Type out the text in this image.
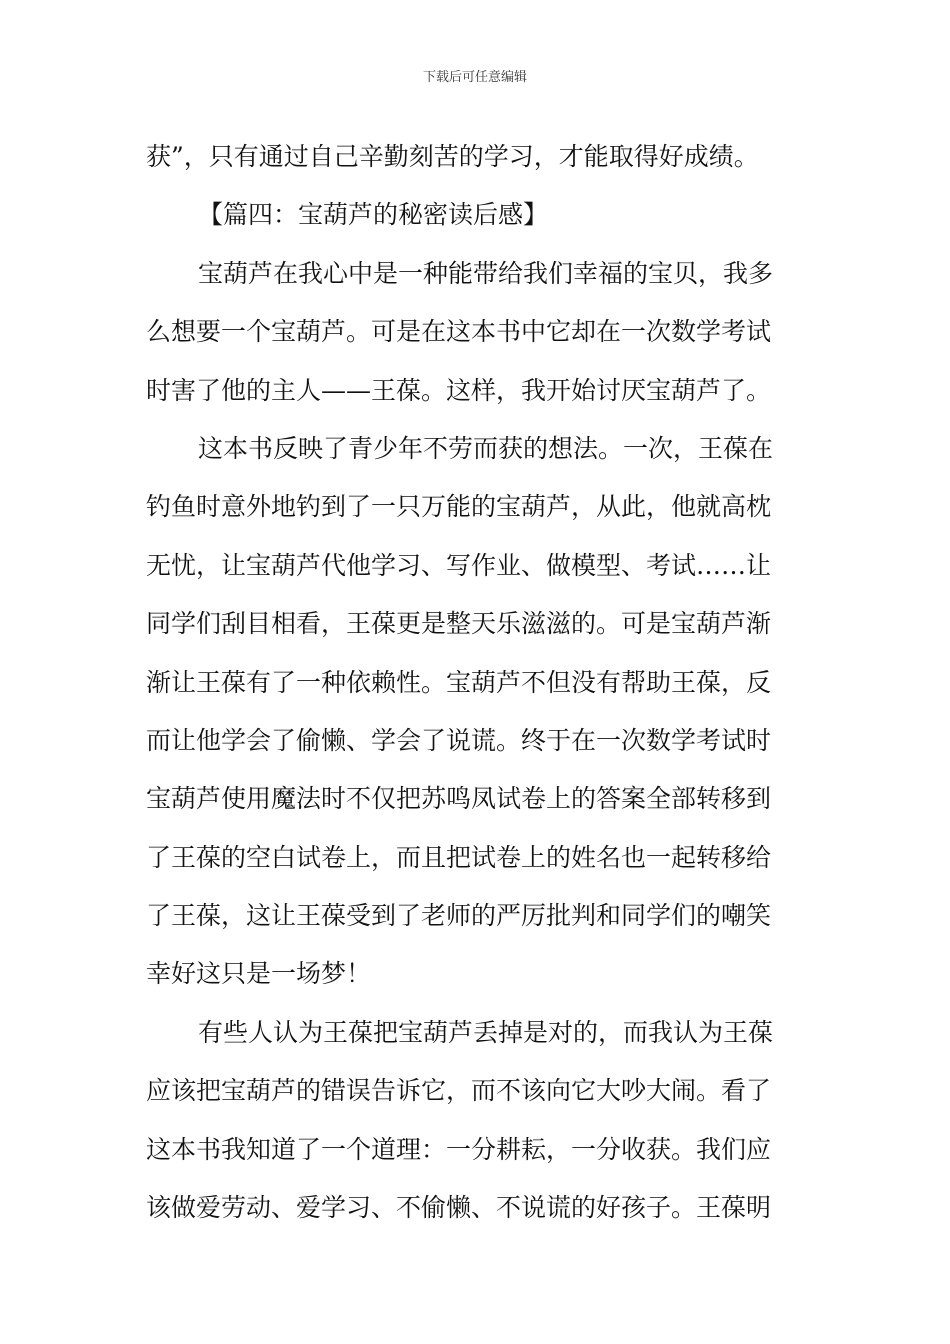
下载后可任意编辑
获”，只有通过自己辛勤刻苦的学习，才能取得好成绩。
【篇四：宝葫芦的秘密读后感】
宝葫芦在我心中是一种能带给我们幸福的宝贝，我多
么想要一个宝葫芦。可是在这本书中它却在一次数学考试
时害了他的主人——王葆。这样，我开始讨厌宝葫芦了。
这本书反映了青少年不劳而获的想法。一次，王葆在
钓鱼时意外地钓到了一只万能的宝葫芦，从此，他就高枕
无忧，让宝葫芦代他学习、写作业、做模型、考试……让
同学们刮目相看，王葆更是整天乐滋滋的。可是宝葫芦渐
渐让王葆有了一种依赖性。宝葫芦不但没有帮助王葆，反
而让他学会了偷懒、学会了说谎。终于在一次数学考试时
宝葫芦使用魔法时不仅把苏鸣凤试卷上的答案全部转移到
了王葆的空白试卷上，而且把试卷上的姓名也一起转移给
了王葆，这让王葆受到了老师的严厉批判和同学们的嘲笑
幸好这只是一场梦！
有些人认为王葆把宝葫芦丢掉是对的，而我认为王葆
应该把宝葫芦的错误告诉它，而不该向它大吵大闹。看了
这本书我知道了一个道理：一分耕耘，一分收获。我们应
该做爱劳动、爱学习、不偷懒、不说谎的好孩子。王葆明
